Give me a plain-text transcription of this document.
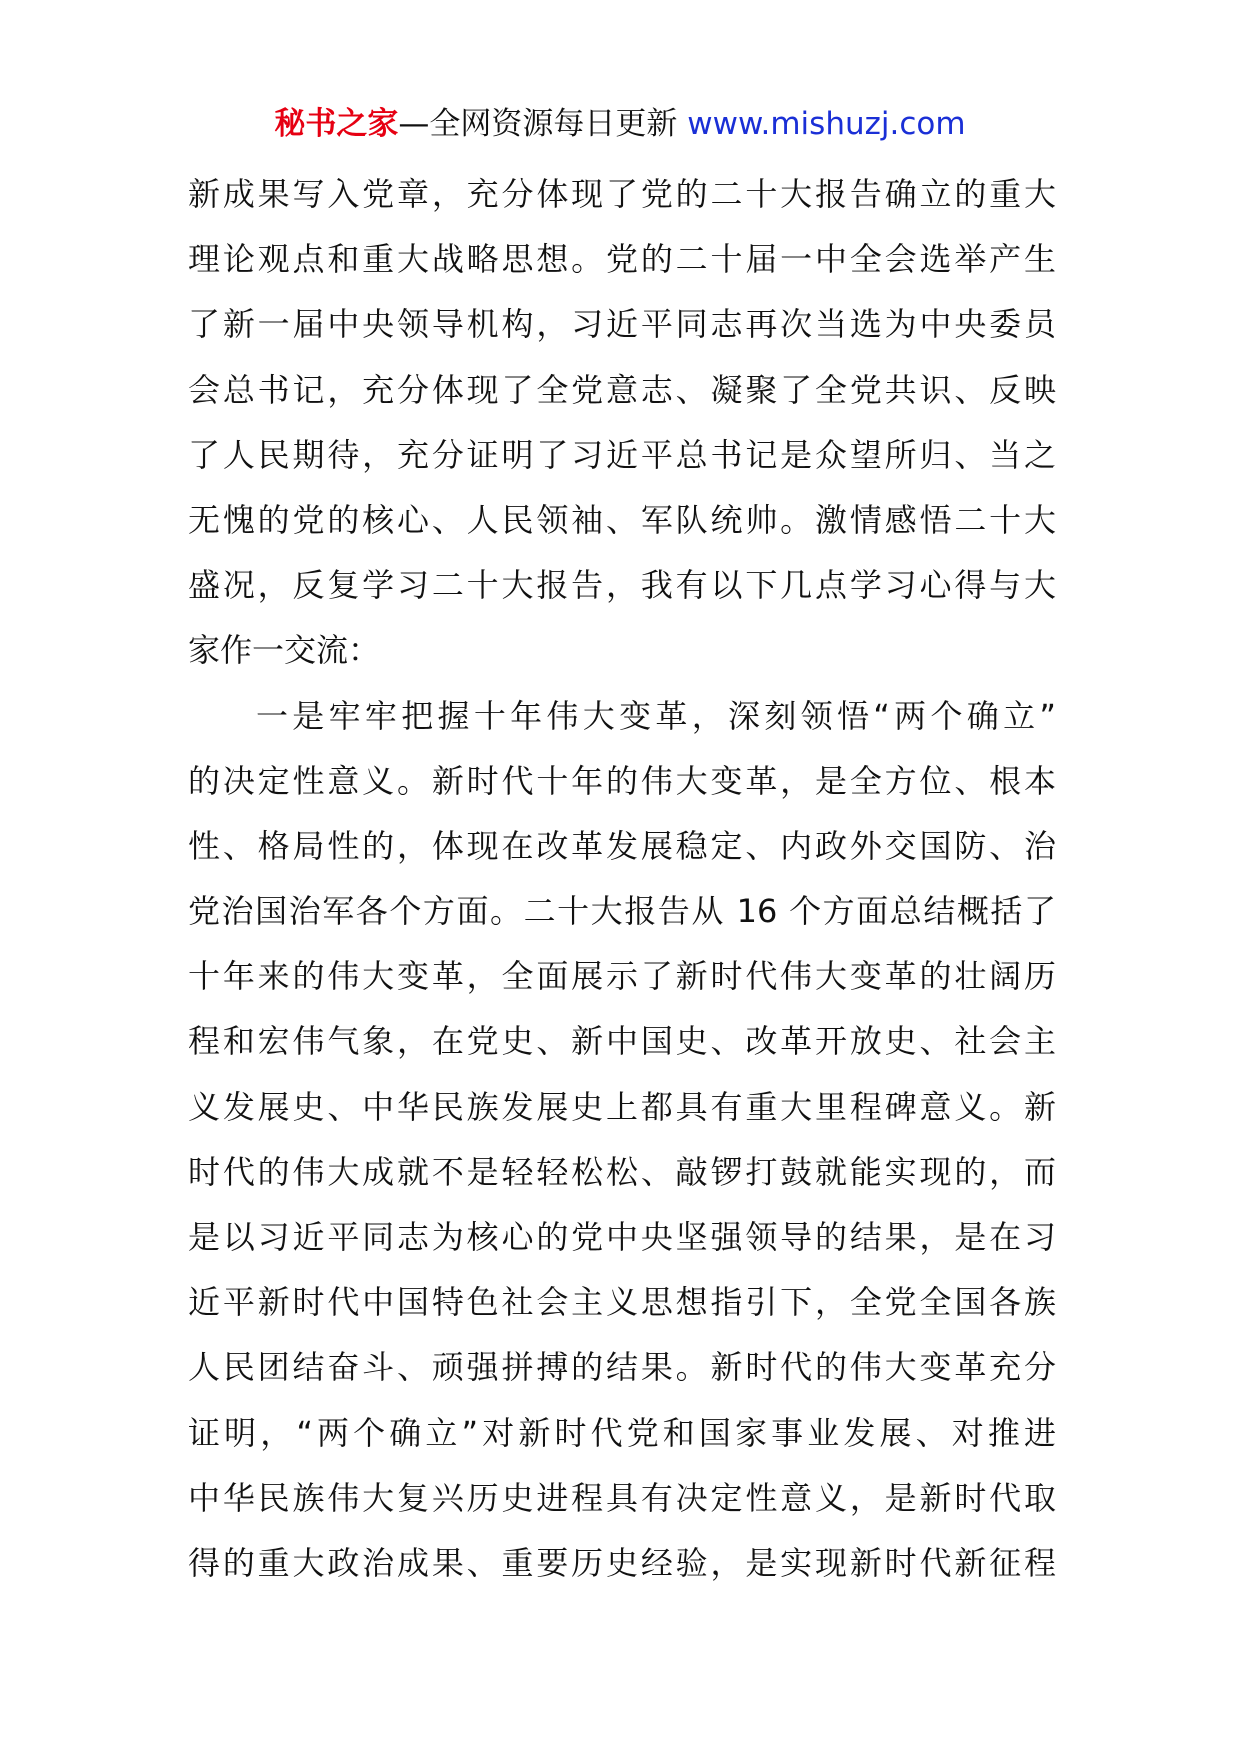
秘书之家—全网资源每日更新 www.mishuzj.com
新成果写入党章，充分体现了党的二十大报告确立的重大
理论观点和重大战略思想。党的二十届一中全会选举产生
了新一届中央领导机构，习近平同志再次当选为中央委员
会总书记，充分体现了全党意志、凝聚了全党共识、反映
了人民期待，充分证明了习近平总书记是众望所归、当之
无愧的党的核心、人民领袖、军队统帅。激情感悟二十大
盛况，反复学习二十大报告，我有以下几点学习心得与大
家作一交流：
一是牢牢把握十年伟大变革，深刻领悟“两个确立”
的决定性意义。新时代十年的伟大变革，是全方位、根本
性、格局性的，体现在改革发展稳定、内政外交国防、治
党治国治军各个方面。二十大报告从 16 个方面总结概括了
十年来的伟大变革，全面展示了新时代伟大变革的壮阔历
程和宏伟气象，在党史、新中国史、改革开放史、社会主
义发展史、中华民族发展史上都具有重大里程碑意义。新
时代的伟大成就不是轻轻松松、敲锣打鼓就能实现的，而
是以习近平同志为核心的党中央坚强领导的结果，是在习
近平新时代中国特色社会主义思想指引下，全党全国各族
人民团结奋斗、顽强拼搏的结果。新时代的伟大变革充分
证明，“两个确立”对新时代党和国家事业发展、对推进
中华民族伟大复兴历史进程具有决定性意义，是新时代取
得的重大政治成果、重要历史经验，是实现新时代新征程
